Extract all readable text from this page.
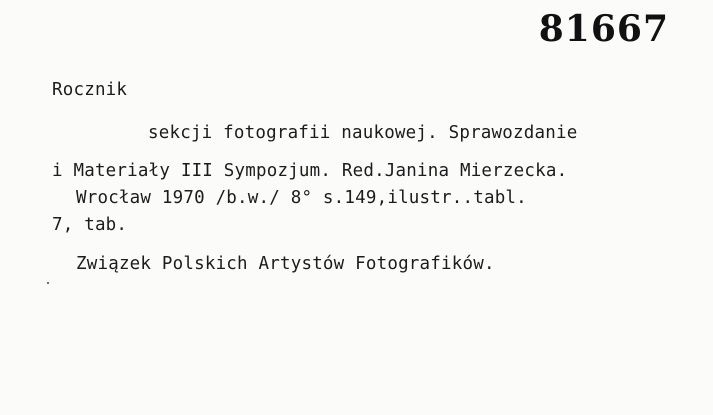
81667
Rocznik
sekcji fotografii naukowej. Sprawozdanie
i Materiały III Sympozjum. Red.Janina Mierzecka.
Wrocław 1970 /b.w./ 8° s.149,ilustr..tabl.
7, tab.
Związek Polskich Artystów Fotografików.
